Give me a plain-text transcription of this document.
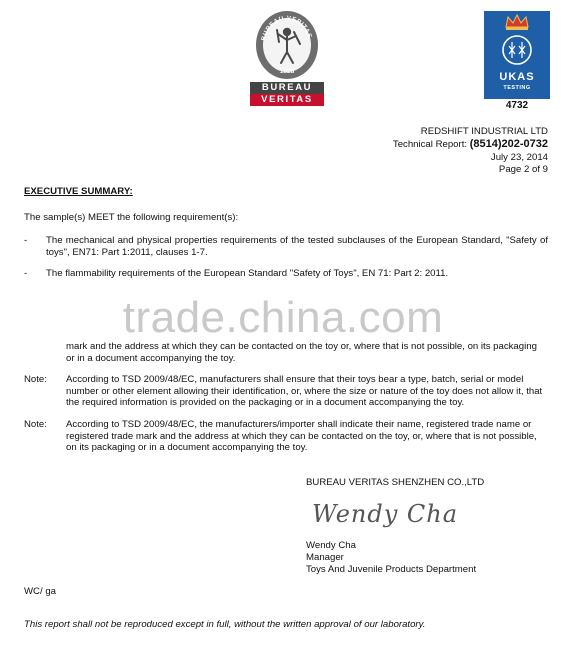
BUREAU VERITAS
1828
BUREAU
VERITAS
UKAS
TESTING
4732
REDSHIFT INDUSTRIAL LTD
Technical Report: (8514)202-0732
July 23, 2014
Page 2 of 9
EXECUTIVE SUMMARY:
The sample(s) MEET the following requirement(s):
- The mechanical and physical properties requirements of the tested subclauses of the European Standard, "Safety of toys", EN71: Part 1:2011, clauses 1-7.
- The flammability requirements of the European Standard "Safety of Toys", EN 71: Part 2: 2011.
trade.china.com
mark and the address at which they can be contacted on the toy or, where that is not possible, on its packaging or in a document accompanying the toy.
Note: According to TSD 2009/48/EC, manufacturers shall ensure that their toys bear a type, batch, serial or model number or other element allowing their identification, or, where the size or nature of the toy does not allow it, that the required information is provided on the packaging or in a document accompanying the toy.
Note: According to TSD 2009/48/EC, the manufacturers/importer shall indicate their name, registered trade name or registered trade mark and the address at which they can be contacted on the toy, or, where that is not possible, on its packaging or in a document accompanying the toy.
BUREAU VERITAS SHENZHEN CO.,LTD
Wendy Cha
Wendy Cha
Manager
Toys And Juvenile Products Department
WC/ ga
This report shall not be reproduced except in full, without the written approval of our laboratory.
